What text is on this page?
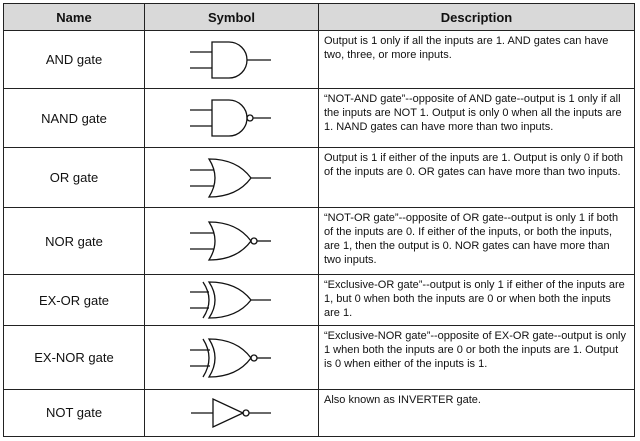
Name	Symbol	Description
AND gate		Output is 1 only if all the inputs are 1. AND gates can have two, three, or more inputs.
NAND gate		“NOT-AND gate”--opposite of AND gate--output is 1 only if all the inputs are NOT 1. Output is only 0 when all the inputs are 1. NAND gates can have more than two inputs.
OR gate		Output is 1 if either of the inputs are 1. Output is only 0 if both of the inputs are 0. OR gates can have more than two inputs.
NOR gate		“NOT-OR gate”--opposite of OR gate--output is only 1 if both of the inputs are 0. If either of the inputs, or both the inputs, are 1, then the output is 0. NOR gates can have more than two inputs.
EX-OR gate		“Exclusive-OR gate”--output is only 1 if either of the inputs are 1, but 0 when both the inputs are 0 or when both the inputs are 1.
EX-NOR gate		“Exclusive-NOR gate”--opposite of EX-OR gate--output is only 1 when both the inputs are 0 or both the inputs are 1. Output is 0 when either of the inputs is 1.
NOT gate		Also known as INVERTER gate.
